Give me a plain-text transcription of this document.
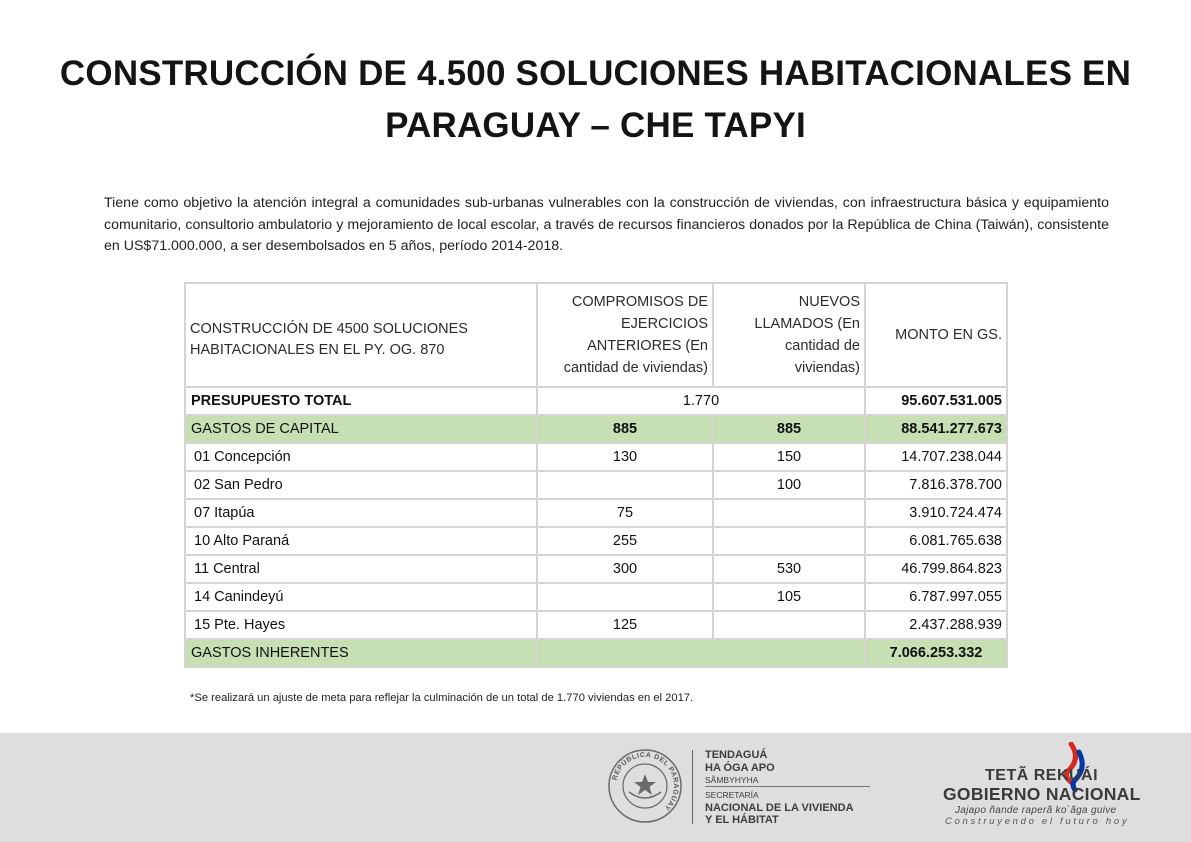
CONSTRUCCIÓN DE 4.500 SOLUCIONES HABITACIONALES EN PARAGUAY – CHE TAPYI
Tiene como objetivo la atención integral a comunidades sub-urbanas vulnerables con la construcción de viviendas, con infraestructura básica y equipamiento comunitario, consultorio ambulatorio y mejoramiento de local escolar, a través de recursos financieros donados por la República de China (Taiwán), consistente en US$71.000.000, a ser desembolsados en 5 años, período 2014-2018.
CONSTRUCCIÓN DE 4500 SOLUCIONES HABITACIONALES EN EL PY. OG. 870	COMPROMISOS DE EJERCICIOS ANTERIORES (En cantidad de viviendas)	NUEVOS LLAMADOS (En cantidad de viviendas)	MONTO EN GS.
PRESUPUESTO TOTAL	1.770		95.607.531.005
GASTOS DE CAPITAL	885	885	88.541.277.673
01 Concepción	130	150	14.707.238.044
02 San Pedro		100	7.816.378.700
07 Itapúa	75		3.910.724.474
10 Alto Paraná	255		6.081.765.638
11 Central	300	530	46.799.864.823
14 Canindeyú		105	6.787.997.055
15 Pte. Hayes	125		2.437.288.939
GASTOS INHERENTES			7.066.253.332
*Se realizará un ajuste de meta para reflejar la culminación de un total de 1.770 viviendas en el 2017.
REPÚBLICA DEL PARAGUAY
TENDAGUÁ
HA ÓGA APO
SÃMBYHYHA
SECRETARÍA
NACIONAL DE LA VIVIENDA
Y EL HÁBITAT
TETÃ REKUÁI
GOBIERNO NACIONAL
Jajapo ñande raperã ko`ãga guive
Construyendo el futuro hoy
